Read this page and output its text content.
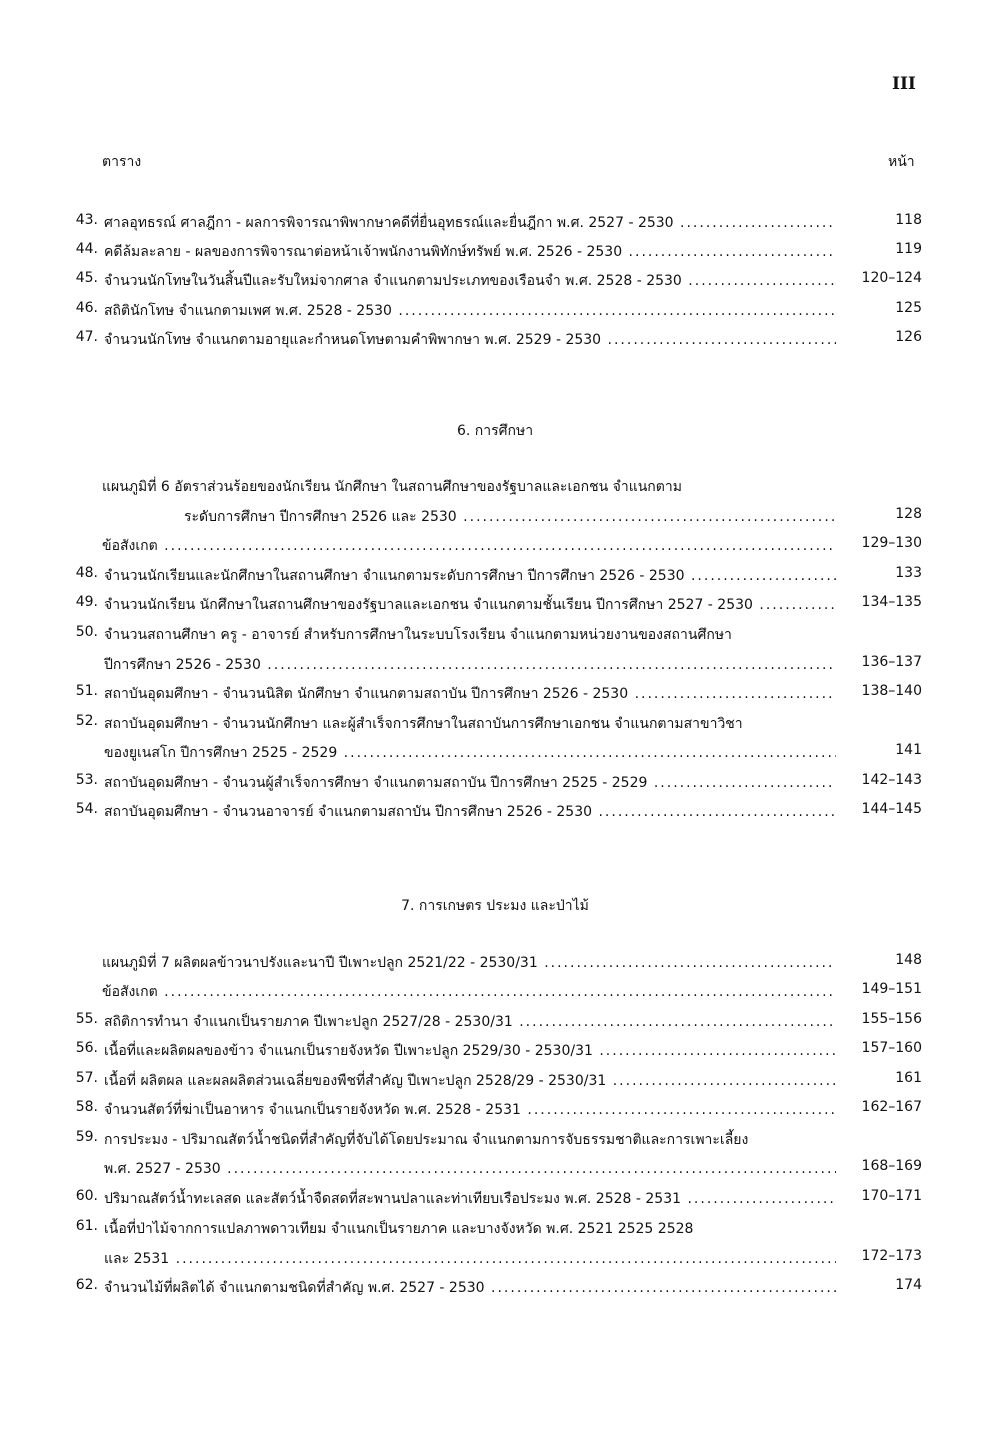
III
ตาราง	หน้า
43. ศาลอุทธรณ์ ศาลฎีกา - ผลการพิจารณาพิพากษาคดีที่ยื่นอุทธรณ์และยื่นฎีกา พ.ศ. 2527 - 2530 .....	118
44. คดีล้มละลาย - ผลของการพิจารณาต่อหน้าเจ้าพนักงานพิทักษ์ทรัพย์ พ.ศ. 2526 - 2530 .....	119
45. จำนวนนักโทษในวันสิ้นปีและรับใหม่จากศาล จำแนกตามประเภทของเรือนจำ พ.ศ. 2528 - 2530 .....	120–124
46. สถิตินักโทษ จำแนกตามเพศ พ.ศ. 2528 - 2530 .....	125
47. จำนวนนักโทษ จำแนกตามอายุและกำหนดโทษตามคำพิพากษา พ.ศ. 2529 - 2530 .....	126
6. การศึกษา
แผนภูมิที่ 6 อัตราส่วนร้อยของนักเรียน นักศึกษา ในสถานศึกษาของรัฐบาลและเอกชน จำแนกตาม
ระดับการศึกษา ปีการศึกษา 2526 และ 2530 .....	128
ข้อสังเกต .....	129–130
48. จำนวนนักเรียนและนักศึกษาในสถานศึกษา จำแนกตามระดับการศึกษา ปีการศึกษา 2526 - 2530 .....	133
49. จำนวนนักเรียน นักศึกษาในสถานศึกษาของรัฐบาลและเอกชน จำแนกตามชั้นเรียน ปีการศึกษา 2527 - 2530 .....	134–135
50. จำนวนสถานศึกษา ครู - อาจารย์ สำหรับการศึกษาในระบบโรงเรียน จำแนกตามหน่วยงานของสถานศึกษา
ปีการศึกษา 2526 - 2530 .....	136–137
51. สถาบันอุดมศึกษา - จำนวนนิสิต นักศึกษา จำแนกตามสถาบัน ปีการศึกษา 2526 - 2530 .....	138–140
52. สถาบันอุดมศึกษา - จำนวนนักศึกษา และผู้สำเร็จการศึกษาในสถาบันการศึกษาเอกชน จำแนกตามสาขาวิชา
ของยูเนสโก ปีการศึกษา 2525 - 2529 .....	141
53. สถาบันอุดมศึกษา - จำนวนผู้สำเร็จการศึกษา จำแนกตามสถาบัน ปีการศึกษา 2525 - 2529 .....	142–143
54. สถาบันอุดมศึกษา - จำนวนอาจารย์ จำแนกตามสถาบัน ปีการศึกษา 2526 - 2530 .....	144–145
7. การเกษตร ประมง และป่าไม้
แผนภูมิที่ 7 ผลิตผลข้าวนาปรังและนาปี ปีเพาะปลูก 2521/22 - 2530/31 .....	148
ข้อสังเกต .....	149–151
55. สถิติการทำนา จำแนกเป็นรายภาค ปีเพาะปลูก 2527/28 - 2530/31 .....	155–156
56. เนื้อที่และผลิตผลของข้าว จำแนกเป็นรายจังหวัด ปีเพาะปลูก 2529/30 - 2530/31 .....	157–160
57. เนื้อที่ ผลิตผล และผลผลิตส่วนเฉลี่ยของพืชที่สำคัญ ปีเพาะปลูก 2528/29 - 2530/31 .....	161
58. จำนวนสัตว์ที่ฆ่าเป็นอาหาร จำแนกเป็นรายจังหวัด พ.ศ. 2528 - 2531 .....	162–167
59. การประมง - ปริมาณสัตว์น้ำชนิดที่สำคัญที่จับได้โดยประมาณ จำแนกตามการจับธรรมชาติและการเพาะเลี้ยง
พ.ศ. 2527 - 2530 .....	168–169
60. ปริมาณสัตว์น้ำทะเลสด และสัตว์น้ำจืดสดที่สะพานปลาและท่าเทียบเรือประมง พ.ศ. 2528 - 2531 .....	170–171
61. เนื้อที่ป่าไม้จากการแปลภาพดาวเทียม จำแนกเป็นรายภาค และบางจังหวัด พ.ศ. 2521 2525 2528
และ 2531 .....	172–173
62. จำนวนไม้ที่ผลิตได้ จำแนกตามชนิดที่สำคัญ พ.ศ. 2527 - 2530 .....	174
